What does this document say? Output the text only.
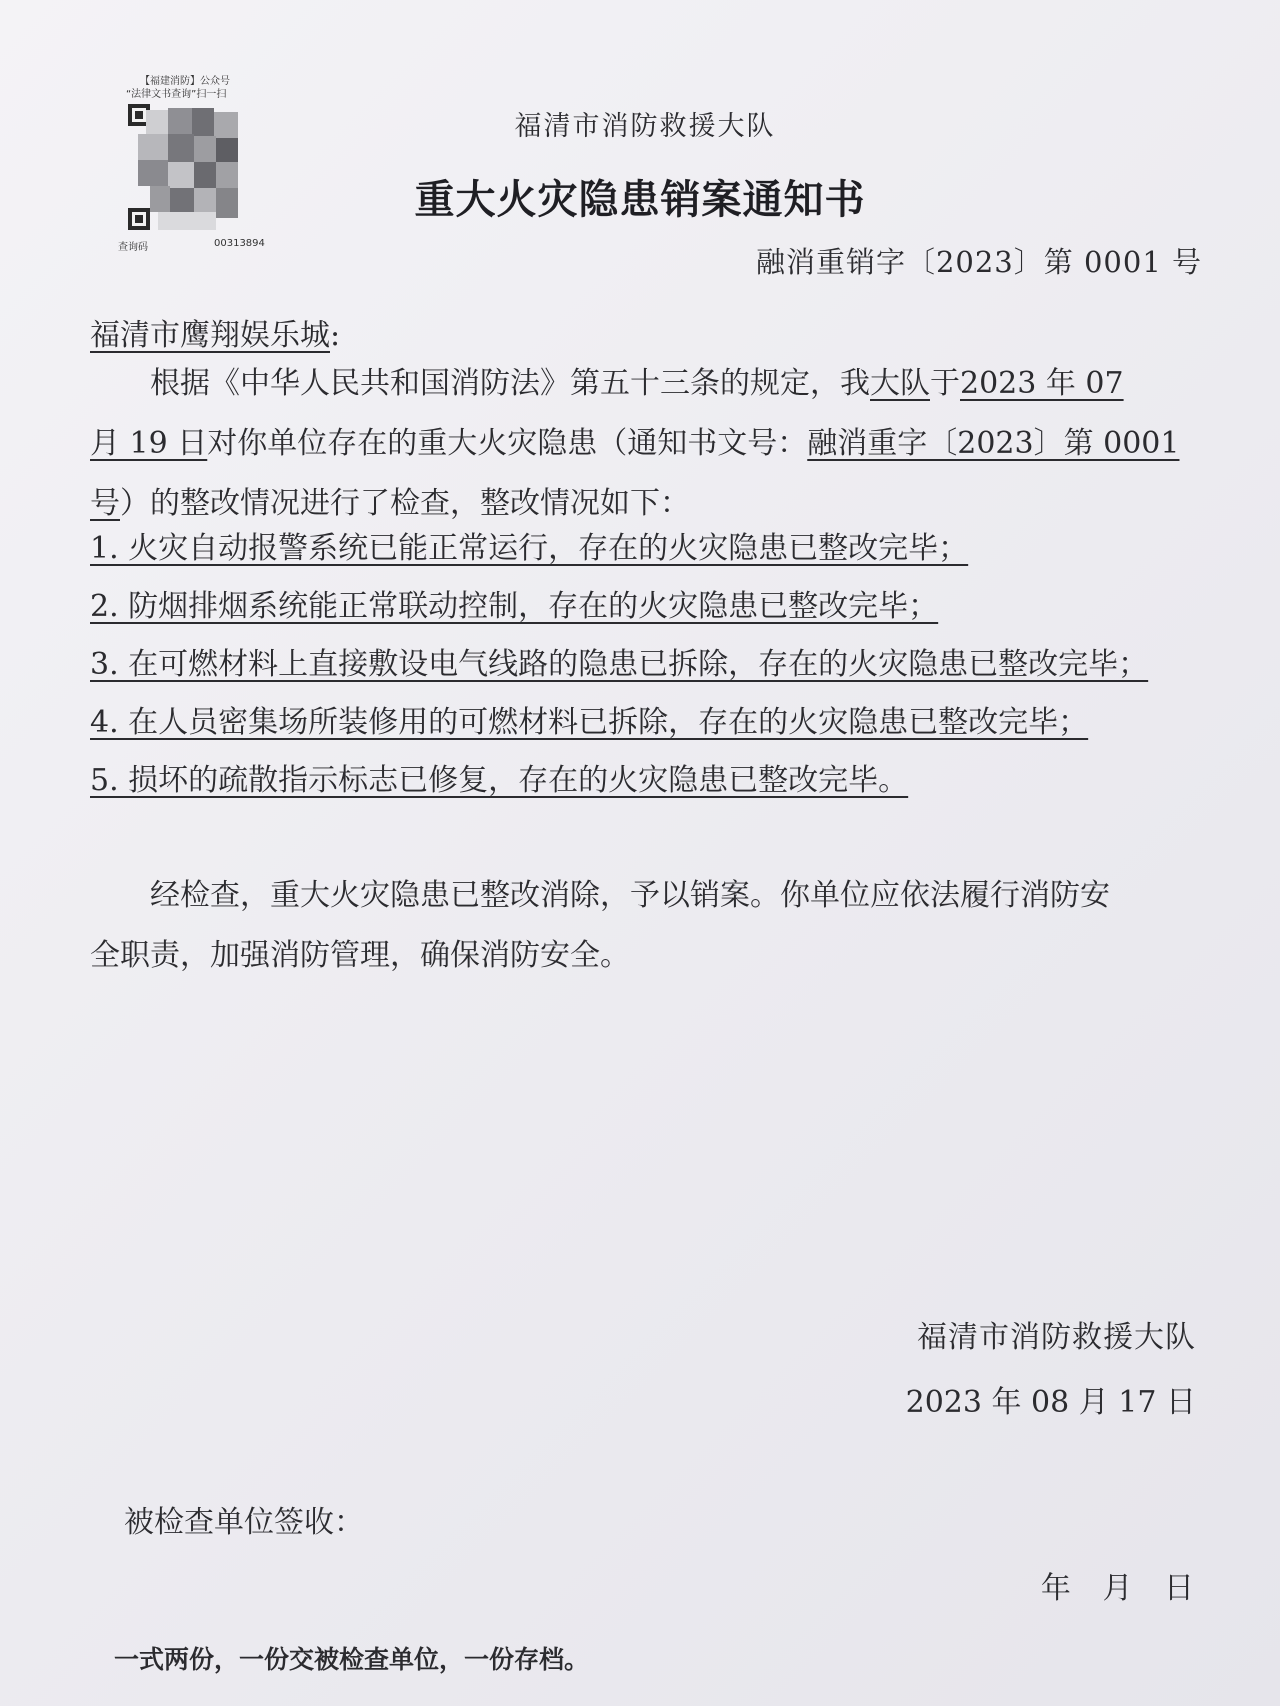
【福建消防】公众号
“法律文书查询”扫一扫
查询码	00313894
福清市消防救援大队
重大火灾隐患销案通知书
融消重销字〔2023〕第 0001 号
福清市鹰翔娱乐城:
根据《中华人民共和国消防法》第五十三条的规定，我大队于2023 年 07
月 19 日对你单位存在的重大火灾隐患（通知书文号：融消重字〔2023〕第 0001
号）的整改情况进行了检查，整改情况如下：
1. 火灾自动报警系统已能正常运行，存在的火灾隐患已整改完毕；
2. 防烟排烟系统能正常联动控制，存在的火灾隐患已整改完毕；
3. 在可燃材料上直接敷设电气线路的隐患已拆除，存在的火灾隐患已整改完毕；
4. 在人员密集场所装修用的可燃材料已拆除，存在的火灾隐患已整改完毕；
5. 损坏的疏散指示标志已修复，存在的火灾隐患已整改完毕。
经检查，重大火灾隐患已整改消除，予以销案。你单位应依法履行消防安
全职责，加强消防管理，确保消防安全。
福清市消防救援大队
2023 年 08 月 17 日
被检查单位签收：
年 月 日
一式两份，一份交被检查单位，一份存档。
